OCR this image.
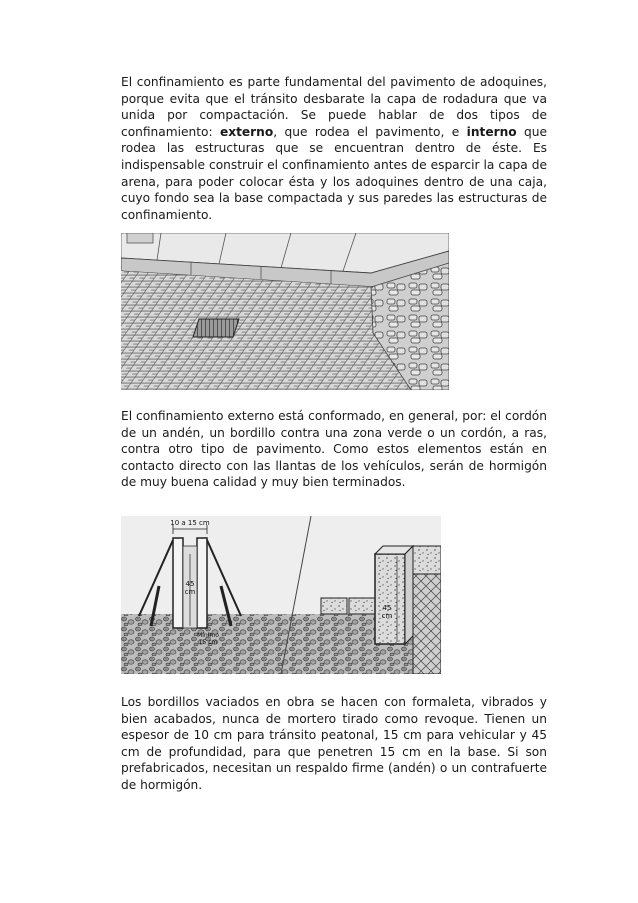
El confinamiento es parte fundamental del pavimento de adoquines, porque evita que el tránsito desbarate la capa de rodadura que va unida por compactación. Se puede hablar de dos tipos de confinamiento: externo, que rodea el pavimento, e interno que rodea las estructuras que se encuentran dentro de éste. Es indispensable construir el confinamiento antes de esparcir la capa de arena, para poder colocar ésta y los adoquines dentro de una caja, cuyo fondo sea la base compactada y sus paredes las estructuras de confinamiento.

El confinamiento externo está conformado, en general, por: el cordón de un andén, un bordillo contra una zona verde o un cordón, a ras, contra otro tipo de pavimento. Como estos elementos están en contacto directo con las llantas de los vehículos, serán de hormigón de muy buena calidad y muy bien terminados.

10 a 15 cm
45
cm
Mínimo
15 cm
45
cm

Los bordillos vaciados en obra se hacen con formaleta, vibrados y bien acabados, nunca de mortero tirado como revoque. Tienen un espesor de 10 cm para tránsito peatonal, 15 cm para vehicular y 45 cm de profundidad, para que penetren 15 cm en la base. Si son prefabricados, necesitan un respaldo firme (andén) o un contrafuerte de hormigón.
